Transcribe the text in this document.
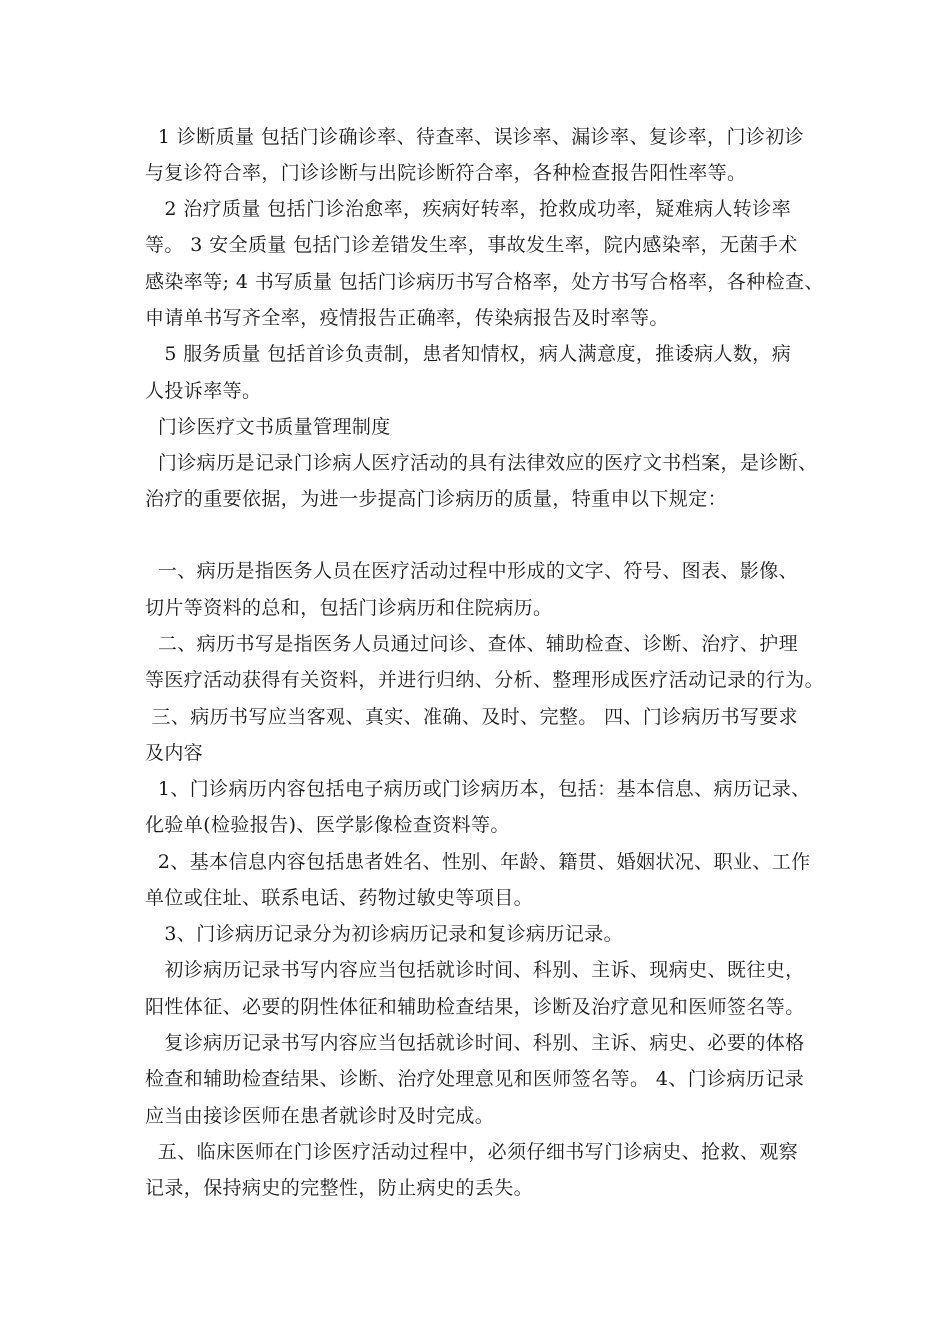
1 诊断质量 包括门诊确诊率、待查率、误诊率、漏诊率、复诊率，门诊初诊
与复诊符合率，门诊诊断与出院诊断符合率，各种检查报告阳性率等。
2 治疗质量 包括门诊治愈率，疾病好转率，抢救成功率，疑难病人转诊率
等。 3 安全质量 包括门诊差错发生率，事故发生率，院内感染率，无菌手术
感染率等; 4 书写质量 包括门诊病历书写合格率，处方书写合格率，各种检查、
申请单书写齐全率，疫情报告正确率，传染病报告及时率等。
5 服务质量 包括首诊负责制，患者知情权，病人满意度，推诿病人数，病
人投诉率等。
门诊医疗文书质量管理制度
门诊病历是记录门诊病人医疗活动的具有法律效应的医疗文书档案，是诊断、
治疗的重要依据，为进一步提高门诊病历的质量，特重申以下规定：
一、病历是指医务人员在医疗活动过程中形成的文字、符号、图表、影像、
切片等资料的总和，包括门诊病历和住院病历。
二、病历书写是指医务人员通过问诊、查体、辅助检查、诊断、治疗、护理
等医疗活动获得有关资料，并进行归纳、分析、整理形成医疗活动记录的行为。
三、病历书写应当客观、真实、准确、及时、完整。 四、门诊病历书写要求
及内容
1、门诊病历内容包括电子病历或门诊病历本，包括：基本信息、病历记录、
化验单(检验报告)、医学影像检查资料等。
2、基本信息内容包括患者姓名、性别、年龄、籍贯、婚姻状况、职业、工作
单位或住址、联系电话、药物过敏史等项目。
3、门诊病历记录分为初诊病历记录和复诊病历记录。
初诊病历记录书写内容应当包括就诊时间、科别、主诉、现病史、既往史，
阳性体征、必要的阴性体征和辅助检查结果，诊断及治疗意见和医师签名等。
复诊病历记录书写内容应当包括就诊时间、科别、主诉、病史、必要的体格
检查和辅助检查结果、诊断、治疗处理意见和医师签名等。 4、门诊病历记录
应当由接诊医师在患者就诊时及时完成。
五、临床医师在门诊医疗活动过程中，必须仔细书写门诊病史、抢救、观察
记录，保持病史的完整性，防止病史的丢失。
